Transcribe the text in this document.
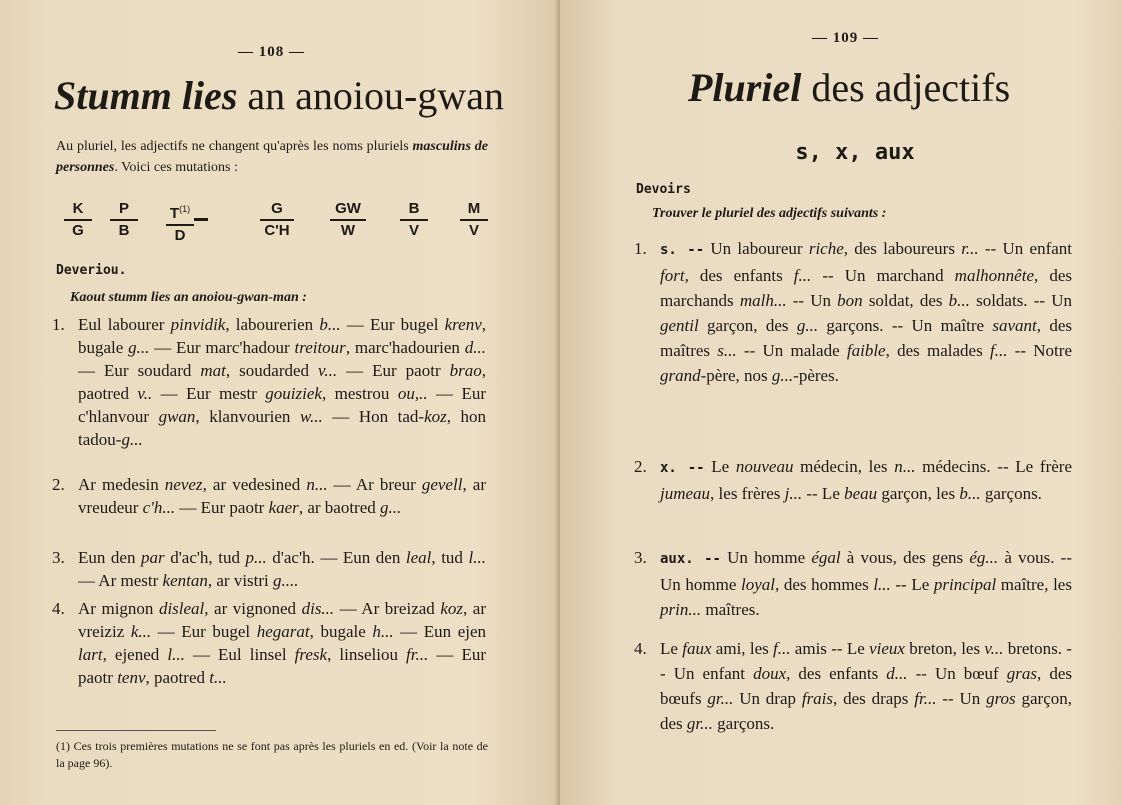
— 108 —
Stumm lies an anoiou-gwan
Au pluriel, les adjectifs ne changent qu'après les noms pluriels masculins de personnes. Voici ces mutations :
K
G
P
B
$T^{(1)}$
D
G
C'H
GW
W
B
V
M
V
Deveriou.
Kaout stumm lies an anoiou-gwan-man :
1. Eul labourer pinvidik, labourerien b... — Eur bugel krenv, bugale g... — Eur marc'hadour treitour, marc'hadourien d... — Eur soudard mat, soudarded v... — Eur paotr brao, paotred v.. — Eur mestr gouiziek, mestrou ou,.. — Eur c'hlanvour gwan, klanvourien w... — Hon tad-koz, hon tadou-g...
2. Ar medesin nevez, ar vedesined n... — Ar breur gevell, ar vreudeur c'h... — Eur paotr kaer, ar baotred g...
3. Eun den par d'ac'h, tud p... d'ac'h. — Eun den leal, tud l... — Ar mestr kentan, ar vistri g....
4. Ar mignon disleal, ar vignoned dis... — Ar breizad koz, ar vreiziz k... — Eur bugel hegarat, bugale h... — Eun ejen lart, ejened l... — Eul linsel fresk, linseliou fr... — Eur paotr tenv, paotred t...
(1) Ces trois premières mutations ne se font pas après les pluriels en ed. (Voir la note de la page 96).
— 109 —
Pluriel des adjectifs
Devoirs
Trouver le pluriel des adjectifs suivants :
1. s. -- Un laboureur riche, des laboureurs r... -- Un enfant fort, des enfants f... -- Un marchand malhonnête, des marchands malh... -- Un bon soldat, des b... soldats. -- Un gentil garçon, des g... garçons. -- Un maître savant, des maîtres s... -- Un malade faible, des malades f... -- Notre grand-père, nos g...-pères.
2. x. -- Le nouveau médecin, les n... médecins. -- Le frère jumeau, les frères j... -- Le beau garçon, les b... garçons.
3. aux. -- Un homme égal à vous, des gens ég... à vous. -- Un homme loyal, des hommes l... -- Le principal maître, les prin... maîtres.
4. Le faux ami, les f... amis -- Le vieux breton, les v... bretons. -- Un enfant doux, des enfants d... -- Un bœuf gras, des bœufs gr... Un drap frais, des draps fr... -- Un gros garçon, des gr... garçons.
s, x, aux
